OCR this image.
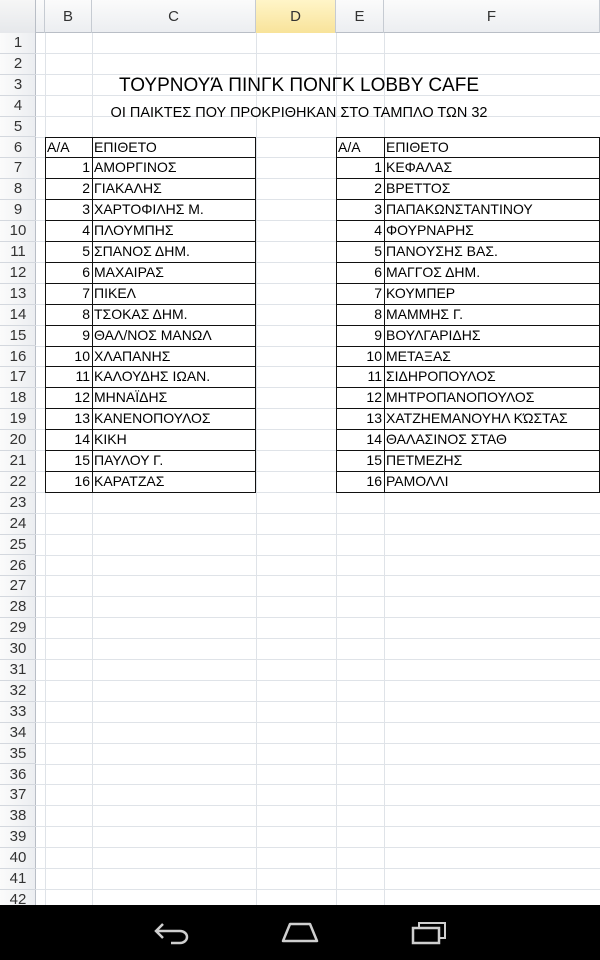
ΤΟΥΡΝΟΥΆ ΠΙΝΓΚ ΠΟΝΓΚ LOBBY CAFE
ΟΙ ΠΑΙΚΤΕΣ ΠΟΥ ΠΡΟΚΡΙΘΗΚΑΝ ΣΤΟ ΤΑΜΠΛΟ ΤΩΝ 32
Α/Α	ΕΠΙΘΕΤΟ
1 ΑΜΟΡΓΙΝΟΣ
2 ΓΙΑΚΑΛΗΣ
3 ΧΑΡΤΟΦΙΛΗΣ Μ.
4 ΠΛΟΥΜΠΗΣ
5 ΣΠΑΝΟΣ ΔΗΜ.
6 ΜΑΧΑΙΡΑΣ
7 ΠΙΚΕΛ
8 ΤΣΟΚΑΣ ΔΗΜ.
9 ΘΑΛ/ΝΟΣ ΜΑΝΩΛ
10 ΧΛΑΠΑΝΗΣ
11 ΚΑΛΟΥΔΗΣ ΙΩΑΝ.
12 ΜΗΝΑΪΔΗΣ
13 ΚΑΝΕΝΟΠΟΥΛΟΣ
14 ΚΙΚΗ
15 ΠΑΥΛΟΥ Γ.
16 ΚΑΡΑΤΖΑΣ
Α/Α	ΕΠΙΘΕΤΟ
1 ΚΕΦΑΛΑΣ
2 ΒΡΕΤΤΟΣ
3 ΠΑΠΑΚΩΝΣΤΑΝΤΙΝΟΥ
4 ΦΟΥΡΝΑΡΗΣ
5 ΠΑΝΟΥΣΗΣ ΒΑΣ.
6 ΜΑΓΓΟΣ ΔΗΜ.
7 ΚΟΥΜΠΕΡ
8 ΜΑΜΜΗΣ Γ.
9 ΒΟΥΛΓΑΡΙΔΗΣ
10 ΜΕΤΑΞΑΣ
11 ΣΙΔΗΡΟΠΟΥΛΟΣ
12 ΜΗΤΡΟΠΑΝΟΠΟΥΛΟΣ
13 ΧΑΤΖΗΕΜΑΝΟΥΗΛ ΚΏΣΤΑΣ
14 ΘΑΛΑΣΙΝΟΣ ΣΤΑΘ
15 ΠΕΤΜΕΖΗΣ
16 ΡΑΜΟΛΛΙ
B	C	D	E	F
1
2
3
4
5
6
7
8
9
10
11
12
13
14
15
16
17
18
19
20
21
22
23
24
25
26
27
28
29
30
31
32
33
34
35
36
37
38
39
40
41
42
